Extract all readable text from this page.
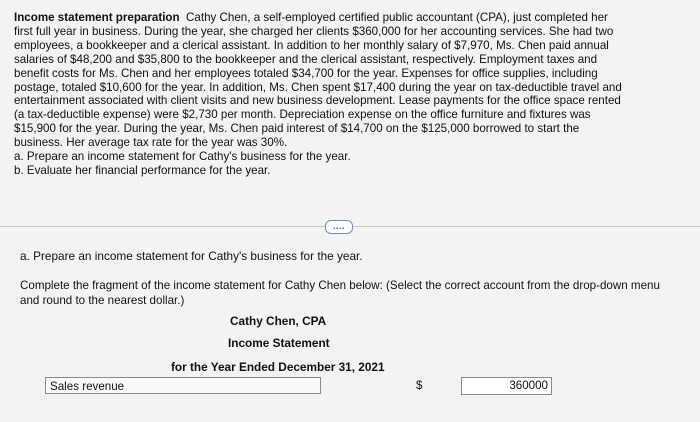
Income statement preparation Cathy Chen, a self-employed certified public accountant (CPA), just completed her
first full year in business. During the year, she charged her clients $360,000 for her accounting services. She had two
employees, a bookkeeper and a clerical assistant. In addition to her monthly salary of $7,970, Ms. Chen paid annual
salaries of $48,200 and $35,800 to the bookkeeper and the clerical assistant, respectively. Employment taxes and
benefit costs for Ms. Chen and her employees totaled $34,700 for the year. Expenses for office supplies, including
postage, totaled $10,600 for the year. In addition, Ms. Chen spent $17,400 during the year on tax-deductible travel and
entertainment associated with client visits and new business development. Lease payments for the office space rented
(a tax-deductible expense) were $2,730 per month. Depreciation expense on the office furniture and fixtures was
$15,900 for the year. During the year, Ms. Chen paid interest of $14,700 on the $125,000 borrowed to start the
business. Her average tax rate for the year was 30%.
a. Prepare an income statement for Cathy's business for the year.
b. Evaluate her financial performance for the year.
....
a. Prepare an income statement for Cathy's business for the year.
Complete the fragment of the income statement for Cathy Chen below: (Select the correct account from the drop-down menu and round to the nearest dollar.)
Cathy Chen, CPA
Income Statement
for the Year Ended December 31, 2021
Sales revenue	$	360000
